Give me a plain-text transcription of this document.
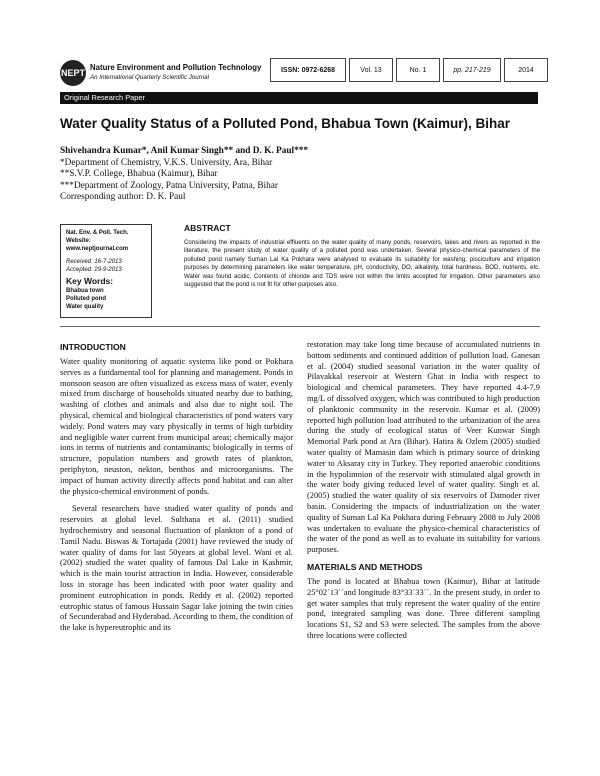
NEPT
Nature Environment and Pollution Technology
An International Quarterly Scientific Journal
ISSN: 0972-6268	Vol. 13	No. 1	pp. 217-219	2014
Original Research Paper
Water Quality Status of a Polluted Pond, Bhabua Town (Kaimur), Bihar
Shivehandra Kumar*, Anil Kumar Singh** and D. K. Paul***
*Department of Chemistry, V.K.S. University, Ara, Bihar
**S.V.P. College, Bhabua (Kaimur), Bihar
***Department of Zoology, Patna University, Patna, Bihar
Corresponding author: D. K. Paul
Nat. Env. & Poll. Tech.
Website: www.neptjournal.com
Received: 16-7-2013
Accepted: 29-9-2013
Key Words:
Bhabua town
Polluted pond
Water quality
ABSTRACT
Considering the impacts of industrial effluents on the water quality of many ponds, reservoirs, lakes and rivers as reported in the literature, the present study of water quality of a polluted pond was undertaken. Several physico-chemical parameters of the polluted pond namely Suman Lal Ka Pokhara were analysed to evaluate its suitability for washing, pisciculture and irrigation purposes by determining parameters like water temperature, pH, conductivity, DO, alkalinity, total hardness, BOD, nutrients, etc. Water was found acidic. Contents of chloride and TDS were not within the limits accepted for irrigation. Other parameters also suggested that the pond is not fit for other purposes also.
INTRODUCTION

Water quality monitoring of aquatic systems like pond or Pokhara serves as a fundamental tool for planning and management. Ponds in monsoon season are often visualized as excess mass of water, evenly mixed from discharge of households situated nearby due to bathing, washing of clothes and animals and also due to night soil. The physical, chemical and biological characteristics of pond waters vary widely. Pond waters may vary physically in terms of high turbidity and negligible water current from municipal areas; chemically major ions in terms of nutrients and contaminants; biologically in terms of structure, population numbers and growth rates of plankton, periphyton, neuston, nekton, benthos and microorganisms. The impact of human activity directly affects pond habitat and can alter the physico-chemical environment of ponds.

Several researchers have studied water quality of ponds and reservoirs at global level. Sulthana et al. (2011) studied hydrochemistry and seasonal fluctuation of plankton of a pond of Tamil Nadu. Biswas & Tortajada (2001) have reviewed the study of water quality of dams for last 50years at global level. Wani et al. (2002) studied the water quality of famous Dal Lake in Kashmir, which is the main tourist attraction in India. However, considerable loss in storage has been indicated with poor water quality and prominent eutrophication in ponds. Reddy et al. (2002) reported eutrophic status of famous Hussain Sagar lake joining the twin cities of Secunderabad and Hyderabad. According to them, the condition of the lake is hypereutrophic and its

restoration may take long time because of accumulated nutrients in bottom sediments and continued addition of pollution load. Ganesan et al. (2004) studied seasonal variation in the water quality of Pilavakkal reservoir at Western Ghat in India with respect to biological and chemical parameters. They have reported 4.4-7.9 mg/L of dissolved oxygen, which was contributed to high production of planktonic community in the reservoir. Kumar et al. (2009) reported high pollution load attributed to the urbanization of the area during the study of ecological status of Veer Kunwar Singh Memorial Park pond at Ara (Bihar). Hatira & Ozlem (2005) studied water quality of Mamasin dam which is primary source of drinking water to Aksaray city in Turkey. They reported anaerobic conditions in the hypolimnion of the reservoir with stimulated algal growth in the water body giving reduced level of water quality. Singh et al. (2005) studied the water quality of six reservoirs of Damoder river basin. Considering the impacts of industrialization on the water quality of Suman Lal Ka Pokhara during February 2008 to July 2008 was undertaken to evaluate the physico-chemical characteristics of the water of the pond as well as to evaluate its suitability for various purposes.

MATERIALS AND METHODS

The pond is located at Bhabua town (Kaimur), Bihar at latitude 25°02´13´´and longitude 83°33´33´´. In the present study, in order to get water samples that truly represent the water quality of the entire pond, integrated sampling was done. Three different sampling locations S1, S2 and S3 were selected. The samples from the above three locations were collected
